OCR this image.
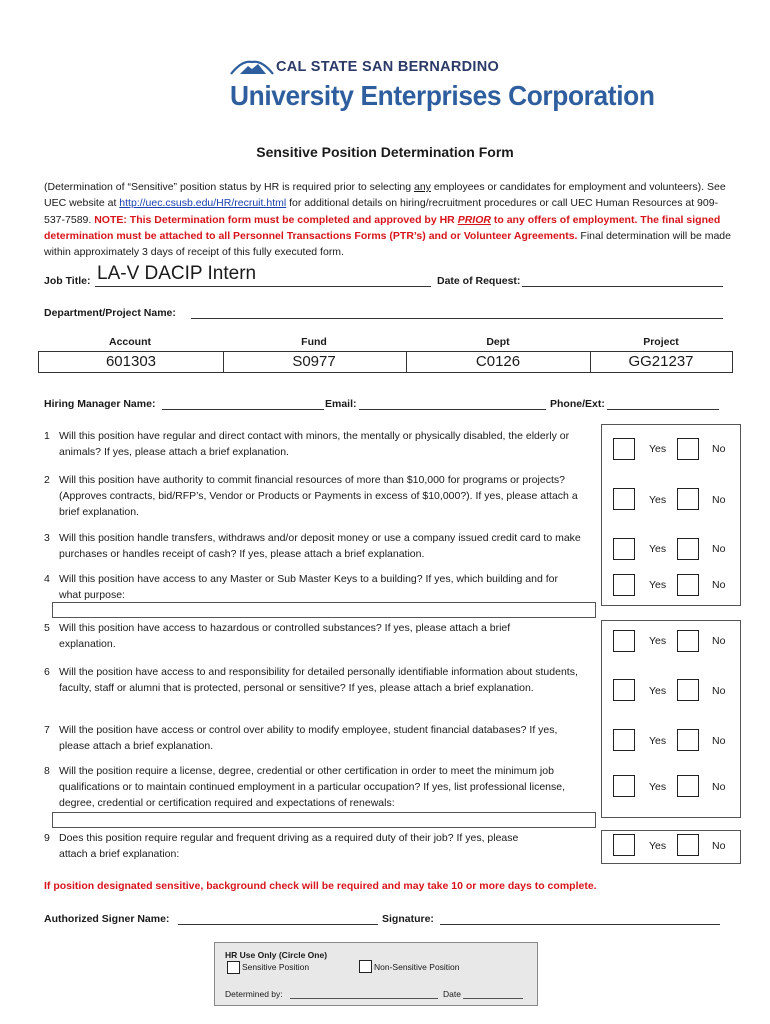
CAL STATE SAN BERNARDINO
University Enterprises Corporation
Sensitive Position Determination Form
(Determination of “Sensitive” position status by HR is required prior to selecting any employees or candidates for employment and volunteers). See UEC website at http://uec.csusb.edu/HR/recruit.html for additional details on hiring/recruitment procedures or call UEC Human Resources at 909-537-7589. NOTE: This Determination form must be completed and approved by HR PRIOR to any offers of employment. The final signed determination must be attached to all Personnel Transactions Forms (PTR’s) and or Volunteer Agreements. Final determination will be made within approximately 3 days of receipt of this fully executed form.
Job Title: LA-V DACIP Intern	Date of Request:
Department/Project Name:
Account	Fund	Dept	Project
601303	S0977	C0126	GG21237
Hiring Manager Name:	Email:	Phone/Ext:
1 Will this position have regular and direct contact with minors, the mentally or physically disabled, the elderly or animals? If yes, please attach a brief explanation.	Yes	No
2 Will this position have authority to commit financial resources of more than $10,000 for programs or projects? (Approves contracts, bid/RFP’s, Vendor or Products or Payments in excess of $10,000?). If yes, please attach a brief explanation.
Yes	No
3 Will this position handle transfers, withdraws and/or deposit money or use a company issued credit card to make purchases or handles receipt of cash? If yes, please attach a brief explanation.	Yes	No
4 Will this position have access to any Master or Sub Master Keys to a building? If yes, which building and for what purpose:
Yes	No
5 Will this position have access to hazardous or controlled substances? If yes, please attach a brief explanation.	Yes	No
6 Will the position have access to and responsibility for detailed personally identifiable information about students, faculty, staff or alumni that is protected, personal or sensitive? If yes, please attach a brief explanation.	Yes	No
7 Will the position have access or control over ability to modify employee, student financial databases? If yes, please attach a brief explanation.	Yes	No
8 Will the position require a license, degree, credential or other certification in order to meet the minimum job qualifications or to maintain continued employment in a particular occupation? If yes, list professional license, degree, credential or certification required and expectations of renewals:
Yes	No
9 Does this position require regular and frequent driving as a required duty of their job? If yes, please attach a brief explanation:
Yes	No
If position designated sensitive, background check will be required and may take 10 or more days to complete.
Authorized Signer Name:	Signature:
HR Use Only (Circle One)
Sensitive Position	Non-Sensitive Position
Determined by:	Date
